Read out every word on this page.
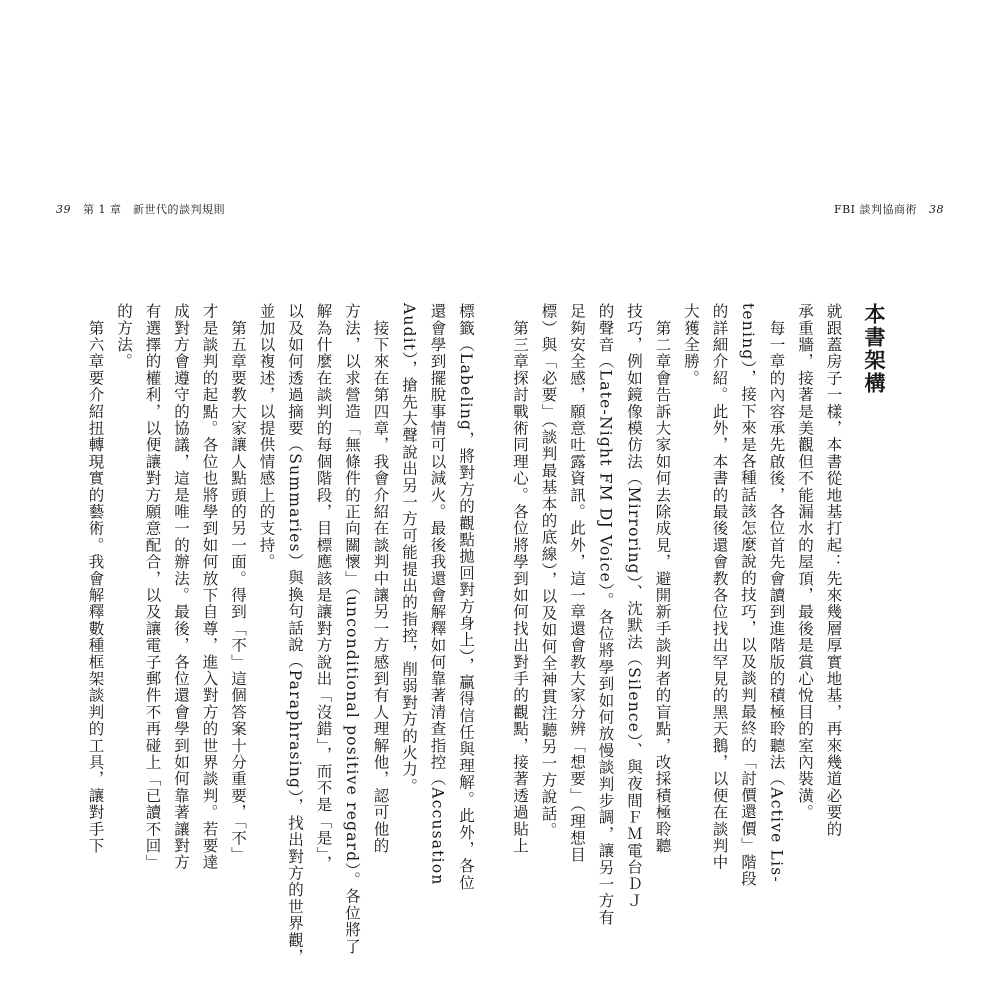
39 第 1 章　新世代的談判規則	FBI 談判協商術 38
本書架構
就跟蓋房子一樣，本書從地基打起：先來幾層厚實地基，再來幾道必要的
承重牆，接著是美觀但不能漏水的屋頂，最後是賞心悅目的室內裝潢。
　每一章的內容承先啟後，各位首先會讀到進階版的積極聆聽法（Active Lis-
tening），接下來是各種話該怎麼說的技巧，以及談判最終的「討價還價」階段
的詳細介紹。此外，本書的最後還會教各位找出罕見的黑天鵝，以便在談判中
大獲全勝。
　第二章會告訴大家如何去除成見，避開新手談判者的盲點，改採積極聆聽
技巧，例如鏡像模仿法（Mirroring）、沈默法（Silence）、與夜間ＦＭ電台ＤＪ
的聲音（Late-Night FM DJ Voice）。各位將學到如何放慢談判步調，讓另一方有
足夠安全感，願意吐露資訊。此外，這一章還會教大家分辨「想要」（理想目
標）與「必要」（談判最基本的底線），以及如何全神貫注聽另一方說話。
　第三章探討戰術同理心。各位將學到如何找出對手的觀點，接著透過貼上
標籤（Labeling，將對方的觀點拋回對方身上），贏得信任與理解。此外，各位
還會學到擺脫事情可以減火。最後我還會解釋如何靠著清查指控（Accusation
Audit），搶先大聲說出另一方可能提出的指控，削弱對方的火力。
　接下來在第四章，我會介紹在談判中讓另一方感到有人理解他，認可他的
方法，以求營造「無條件的正向關懷」（unconditional positive regard）。各位將了
解為什麼在談判的每個階段，目標應該是讓對方說出「沒錯」，而不是「是」，
以及如何透過摘要（Summaries）與換句話說（Paraphrasing），找出對方的世界觀，
並加以複述，以提供情感上的支持。
　第五章要教大家讓人點頭的另一面。得到「不」這個答案十分重要，「不」
才是談判的起點。各位也將學到如何放下自尊，進入對方的世界談判。若要達
成對方會遵守的協議，這是唯一的辦法。最後，各位還會學到如何靠著讓對方
有選擇的權利，以便讓對方願意配合，以及讓電子郵件不再碰上「已讀不回」
的方法。
　第六章要介紹扭轉現實的藝術。我會解釋數種框架談判的工具，讓對手下
